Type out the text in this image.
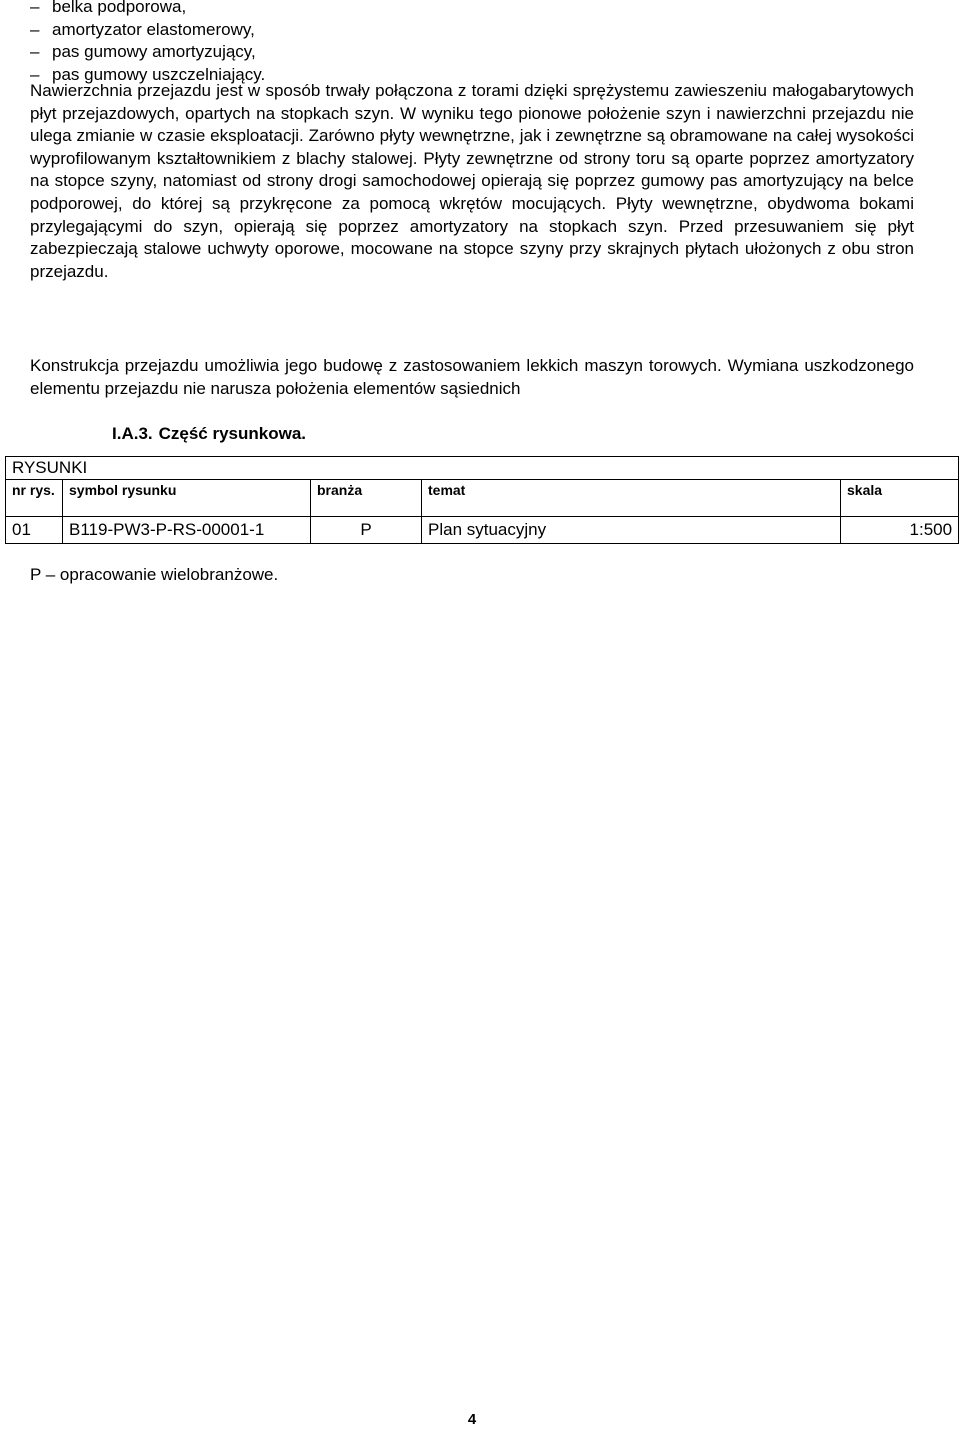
– belka podporowa,
– amortyzator elastomerowy,
– pas gumowy amortyzujący,
– pas gumowy uszczelniający.

Nawierzchnia przejazdu jest w sposób trwały połączona z torami dzięki sprężystemu zawieszeniu małogabarytowych płyt przejazdowych, opartych na stopkach szyn. W wyniku tego pionowe położenie szyn i nawierzchni przejazdu nie ulega zmianie w czasie eksploatacji. Zarówno płyty wewnętrzne, jak i zewnętrzne są obramowane na całej wysokości wyprofilowanym kształtownikiem z blachy stalowej. Płyty zewnętrzne od strony toru są oparte poprzez amortyzatory na stopce szyny, natomiast od strony drogi samochodowej opierają się poprzez gumowy pas amortyzujący na belce podporowej, do której są przykręcone za pomocą wkrętów mocujących. Płyty wewnętrzne, obydwoma bokami przylegającymi do szyn, opierają się poprzez amortyzatory na stopkach szyn. Przed przesuwaniem się płyt zabezpieczają stalowe uchwyty oporowe, mocowane na stopce szyny przy skrajnych płytach ułożonych z obu stron przejazdu.

Konstrukcja przejazdu umożliwia jego budowę z zastosowaniem lekkich maszyn torowych. Wymiana uszkodzonego elementu przejazdu nie narusza położenia elementów sąsiednich

I.A.3. Część rysunkowa.
RYSUNKI				
nr rys.	symbol rysunku	branża	temat	skala
01	B119-PW3-P-RS-00001-1	P	Plan sytuacyjny	1:500

P – opracowanie wielobranżowe.

4
